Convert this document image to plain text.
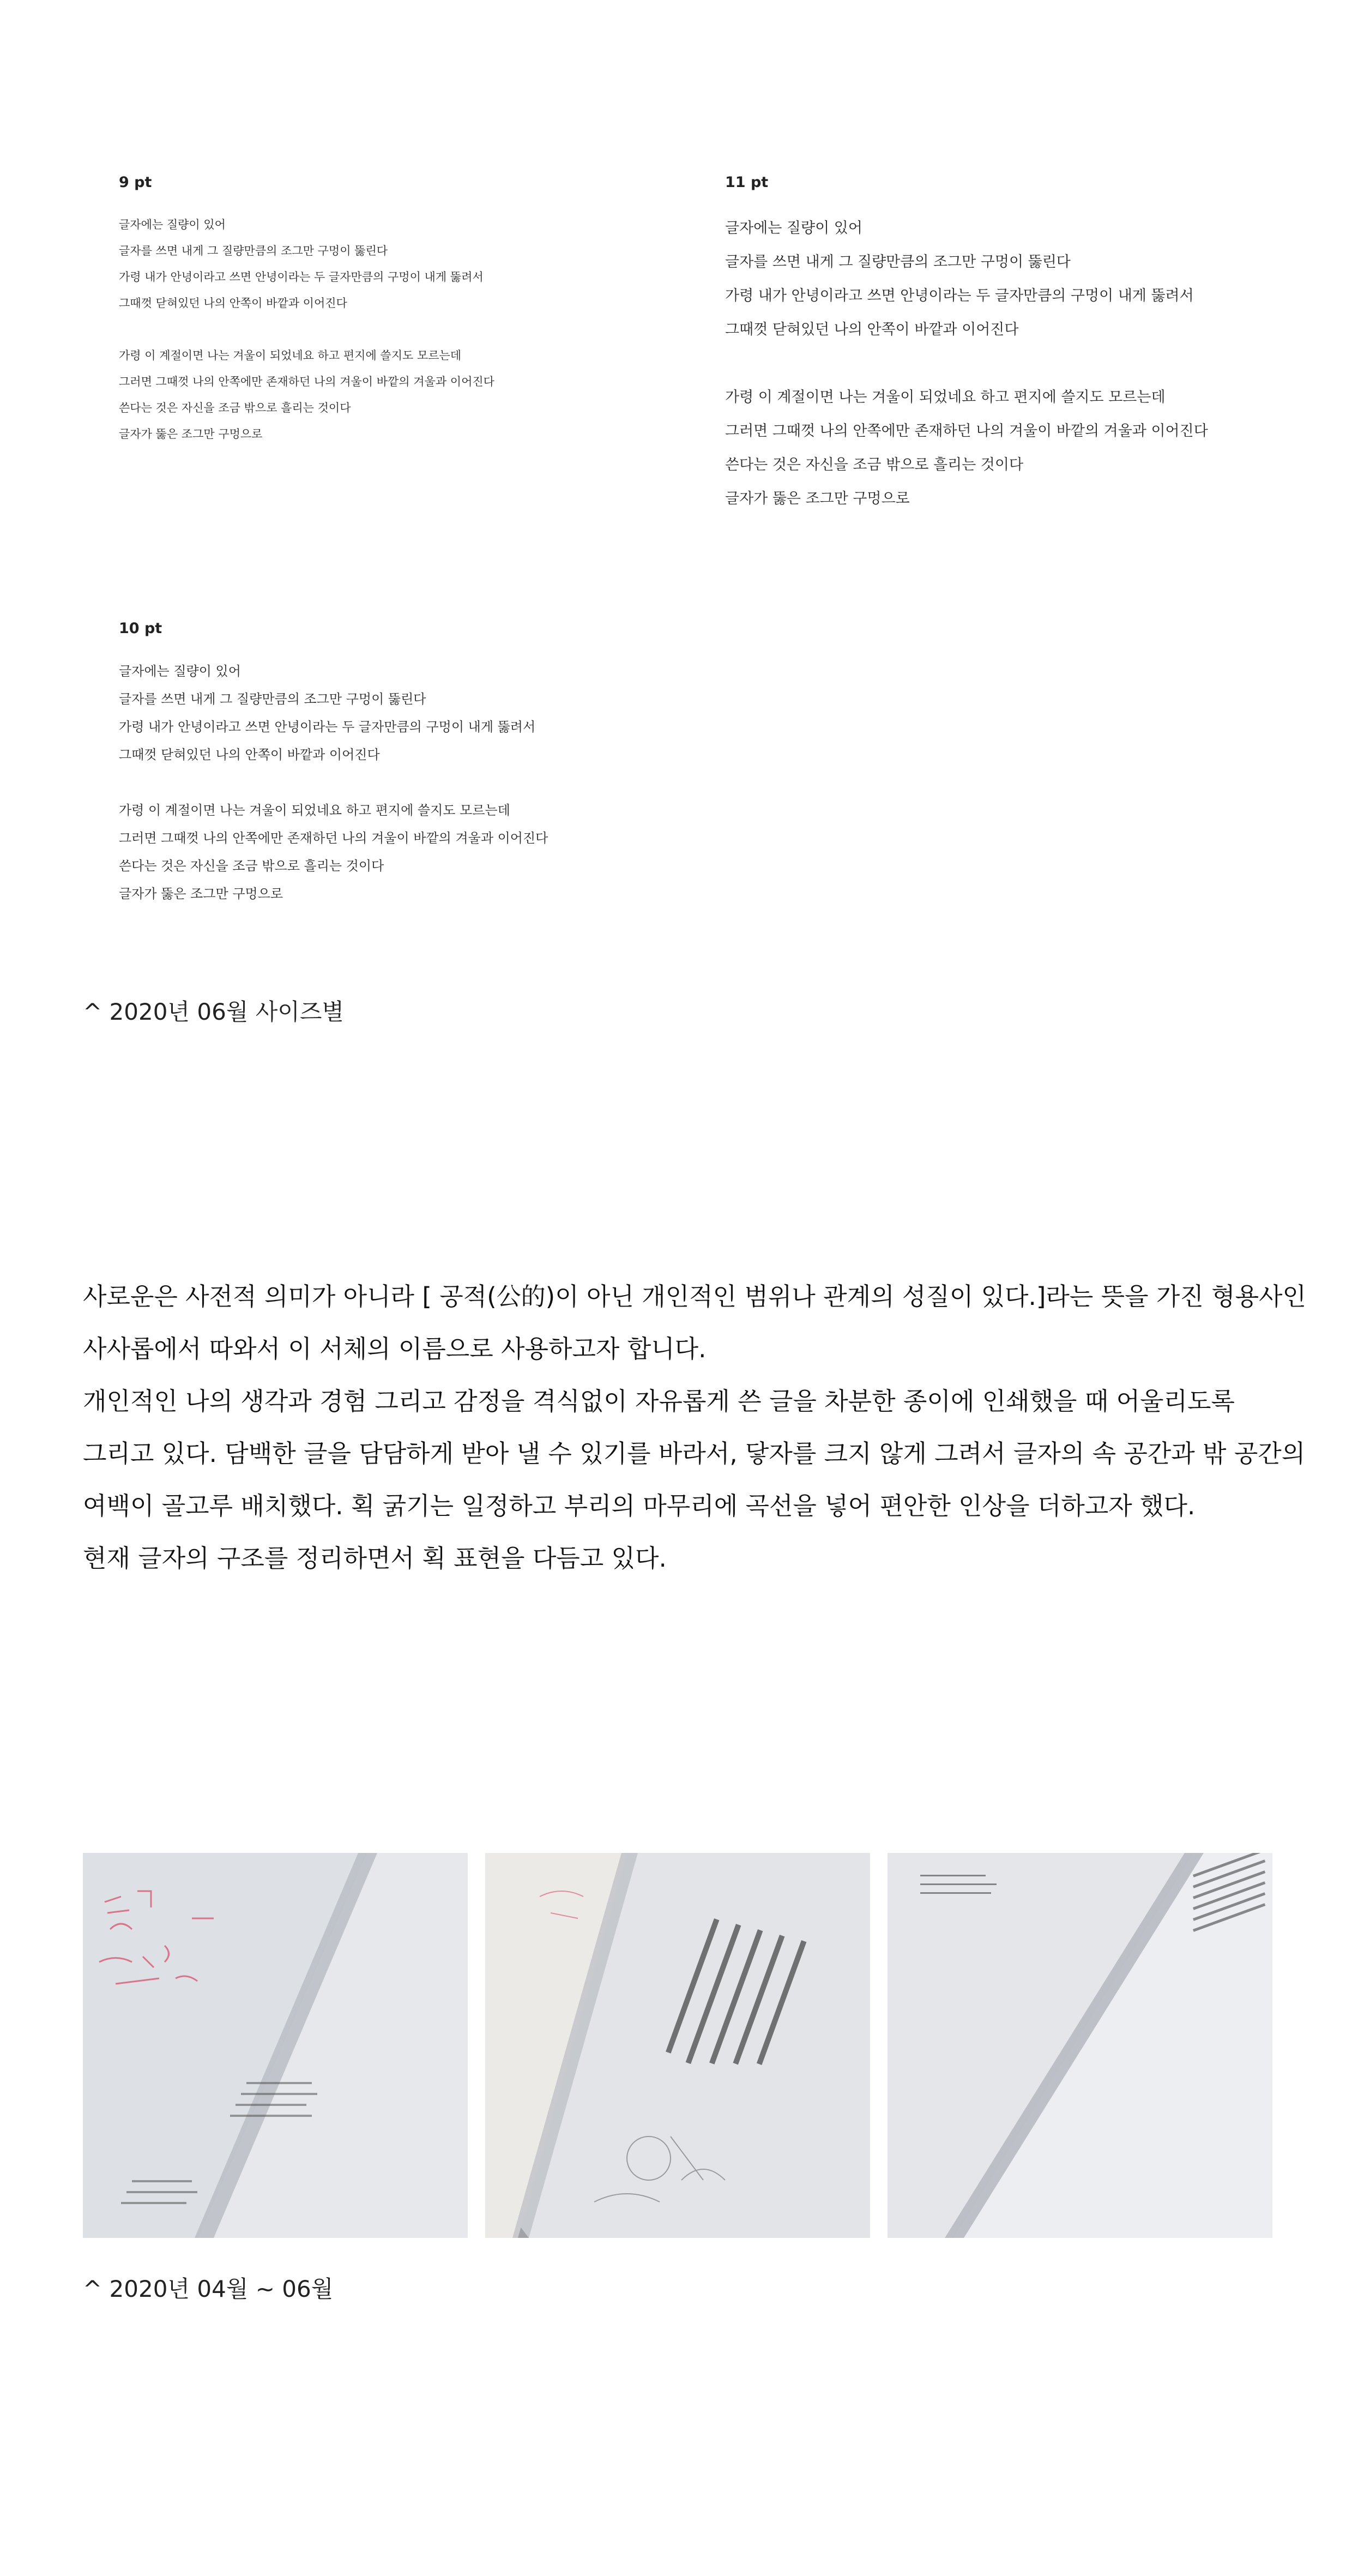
9 pt

글자에는 질량이 있어
글자를 쓰면 내게 그 질량만큼의 조그만 구멍이 뚫린다
가령 내가 안녕이라고 쓰면 안녕이라는 두 글자만큼의 구멍이 내게 뚫려서
그때껏 닫혀있던 나의 안쪽이 바깥과 이어진다
가령 이 계절이면 나는 겨울이 되었네요 하고 편지에 쓸지도 모르는데
그러면 그때껏 나의 안쪽에만 존재하던 나의 겨울이 바깥의 겨울과 이어진다
쓴다는 것은 자신을 조금 밖으로 흘리는 것이다
글자가 뚫은 조그만 구멍으로

11 pt

글자에는 질량이 있어
글자를 쓰면 내게 그 질량만큼의 조그만 구멍이 뚫린다
가령 내가 안녕이라고 쓰면 안녕이라는 두 글자만큼의 구멍이 내게 뚫려서
그때껏 닫혀있던 나의 안쪽이 바깥과 이어진다
가령 이 계절이면 나는 겨울이 되었네요 하고 편지에 쓸지도 모르는데
그러면 그때껏 나의 안쪽에만 존재하던 나의 겨울이 바깥의 겨울과 이어진다
쓴다는 것은 자신을 조금 밖으로 흘리는 것이다
글자가 뚫은 조그만 구멍으로

10 pt

글자에는 질량이 있어
글자를 쓰면 내게 그 질량만큼의 조그만 구멍이 뚫린다
가령 내가 안녕이라고 쓰면 안녕이라는 두 글자만큼의 구멍이 내게 뚫려서
그때껏 닫혀있던 나의 안쪽이 바깥과 이어진다
가령 이 계절이면 나는 겨울이 되었네요 하고 편지에 쓸지도 모르는데
그러면 그때껏 나의 안쪽에만 존재하던 나의 겨울이 바깥의 겨울과 이어진다
쓴다는 것은 자신을 조금 밖으로 흘리는 것이다
글자가 뚫은 조그만 구멍으로

^ 2020년 06월 사이즈별

사로운은 사전적 의미가 아니라 [ 공적(公的)이 아닌 개인적인 범위나 관계의 성질이 있다.]라는 뜻을 가진 형용사인
사사롭에서 따와서 이 서체의 이름으로 사용하고자 합니다.
개인적인 나의 생각과 경험 그리고 감정을 격식없이 자유롭게 쓴 글을 차분한 종이에 인쇄했을 때 어울리도록
그리고 있다. 담백한 글을 담담하게 받아 낼 수 있기를 바라서, 닿자를 크지 않게 그려서 글자의 속 공간과 밖 공간의
여백이 골고루 배치했다. 획 굵기는 일정하고 부리의 마무리에 곡선을 넣어 편안한 인상을 더하고자 했다.
현재 글자의 구조를 정리하면서 획 표현을 다듬고 있다.

^ 2020년 04월 ~ 06월
